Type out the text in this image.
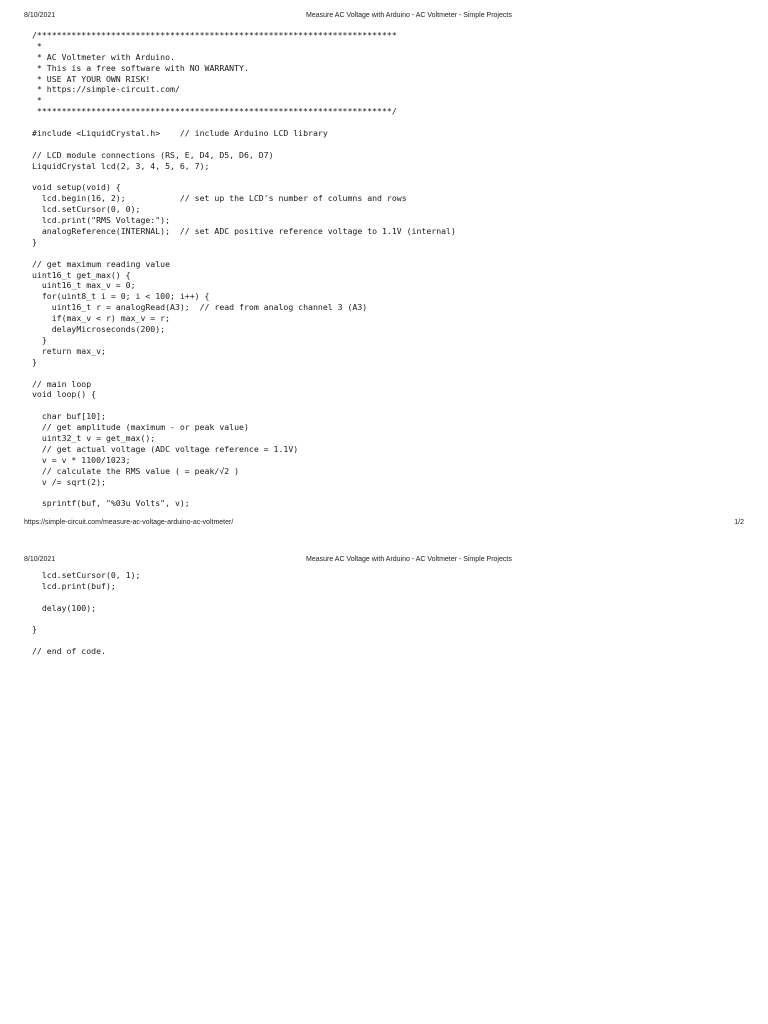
8/10/2021	Measure AC Voltage with Arduino - AC Voltmeter - Simple Projects
/*************************************************************************
*
* AC Voltmeter with Arduino.
* This is a free software with NO WARRANTY.
* USE AT YOUR OWN RISK!
* https://simple-circuit.com/
*
************************************************************************/
#include <LiquidCrystal.h>    // include Arduino LCD library
// LCD module connections (RS, E, D4, D5, D6, D7)
LiquidCrystal lcd(2, 3, 4, 5, 6, 7);
void setup(void) {
lcd.begin(16, 2);           // set up the LCD's number of columns and rows
lcd.setCursor(0, 0);
lcd.print("RMS Voltage:");
analogReference(INTERNAL);  // set ADC positive reference voltage to 1.1V (internal)
}
// get maximum reading value
uint16_t get_max() {
uint16_t max_v = 0;
for(uint8_t i = 0; i < 100; i++) {
uint16_t r = analogRead(A3);  // read from analog channel 3 (A3)
if(max_v < r) max_v = r;
delayMicroseconds(200);
}
return max_v;
}
// main loop
void loop() {
char buf[10];
// get amplitude (maximum - or peak value)
uint32_t v = get_max();
// get actual voltage (ADC voltage reference = 1.1V)
v = v * 1100/1023;
// calculate the RMS value ( = peak/√2 )
v /= sqrt(2);
sprintf(buf, "%03u Volts", v);
https://simple-circuit.com/measure-ac-voltage-arduino-ac-voltmeter/	1/2
8/10/2021	Measure AC Voltage with Arduino - AC Voltmeter - Simple Projects
lcd.setCursor(0, 1);
lcd.print(buf);
delay(100);
}
// end of code.
